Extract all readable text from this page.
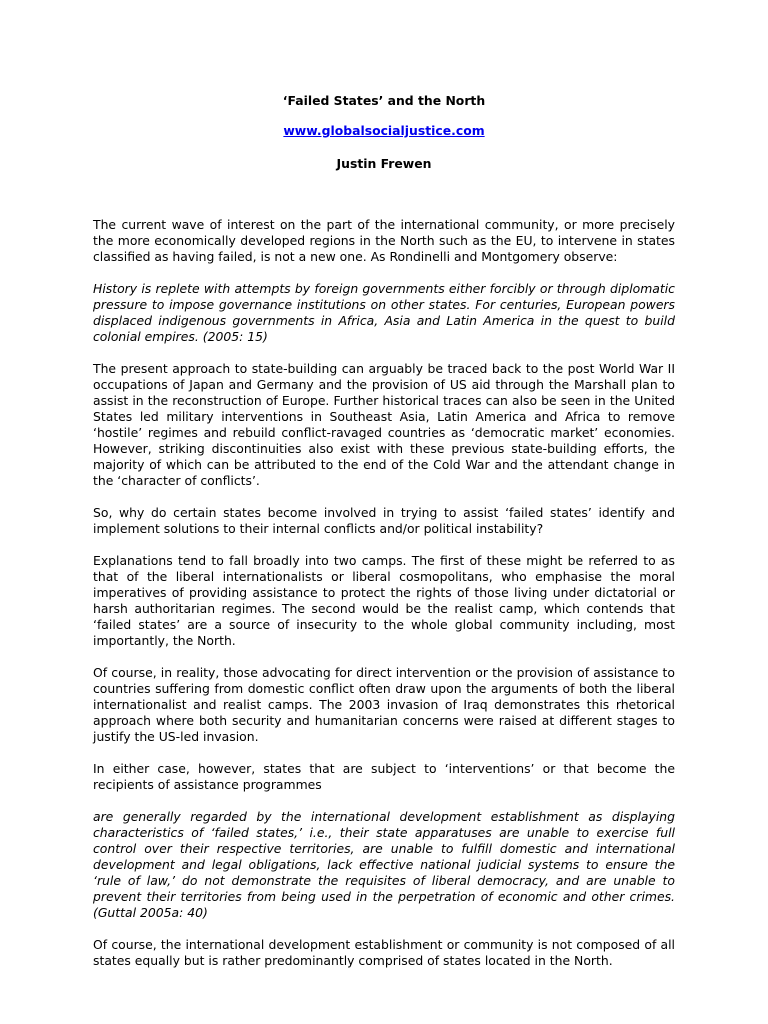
‘Failed States’ and the North
www.globalsocialjustice.com
Justin Frewen

The current wave of interest on the part of the international community, or more precisely the more economically developed regions in the North such as the EU, to intervene in states classified as having failed, is not a new one. As Rondinelli and Montgomery observe:

History is replete with attempts by foreign governments either forcibly or through diplomatic pressure to impose governance institutions on other states. For centuries, European powers displaced indigenous governments in Africa, Asia and Latin America in the quest to build colonial empires. (2005: 15)

The present approach to state-building can arguably be traced back to the post World War II occupations of Japan and Germany and the provision of US aid through the Marshall plan to assist in the reconstruction of Europe. Further historical traces can also be seen in the United States led military interventions in Southeast Asia, Latin America and Africa to remove ‘hostile’ regimes and rebuild conflict-ravaged countries as ‘democratic market’ economies. However, striking discontinuities also exist with these previous state-building efforts, the majority of which can be attributed to the end of the Cold War and the attendant change in the ‘character of conflicts’.

So, why do certain states become involved in trying to assist ‘failed states’ identify and implement solutions to their internal conflicts and/or political instability?

Explanations tend to fall broadly into two camps. The first of these might be referred to as that of the liberal internationalists or liberal cosmopolitans, who emphasise the moral imperatives of providing assistance to protect the rights of those living under dictatorial or harsh authoritarian regimes. The second would be the realist camp, which contends that ‘failed states’ are a source of insecurity to the whole global community including, most importantly, the North.

Of course, in reality, those advocating for direct intervention or the provision of assistance to countries suffering from domestic conflict often draw upon the arguments of both the liberal internationalist and realist camps. The 2003 invasion of Iraq demonstrates this rhetorical approach where both security and humanitarian concerns were raised at different stages to justify the US-led invasion.

In either case, however, states that are subject to ‘interventions’ or that become the recipients of assistance programmes

are generally regarded by the international development establishment as displaying characteristics of ‘failed states,’ i.e., their state apparatuses are unable to exercise full control over their respective territories, are unable to fulfill domestic and international development and legal obligations, lack effective national judicial systems to ensure the ‘rule of law,’ do not demonstrate the requisites of liberal democracy, and are unable to prevent their territories from being used in the perpetration of economic and other crimes. (Guttal 2005a: 40)

Of course, the international development establishment or community is not composed of all states equally but is rather predominantly comprised of states located in the North.
